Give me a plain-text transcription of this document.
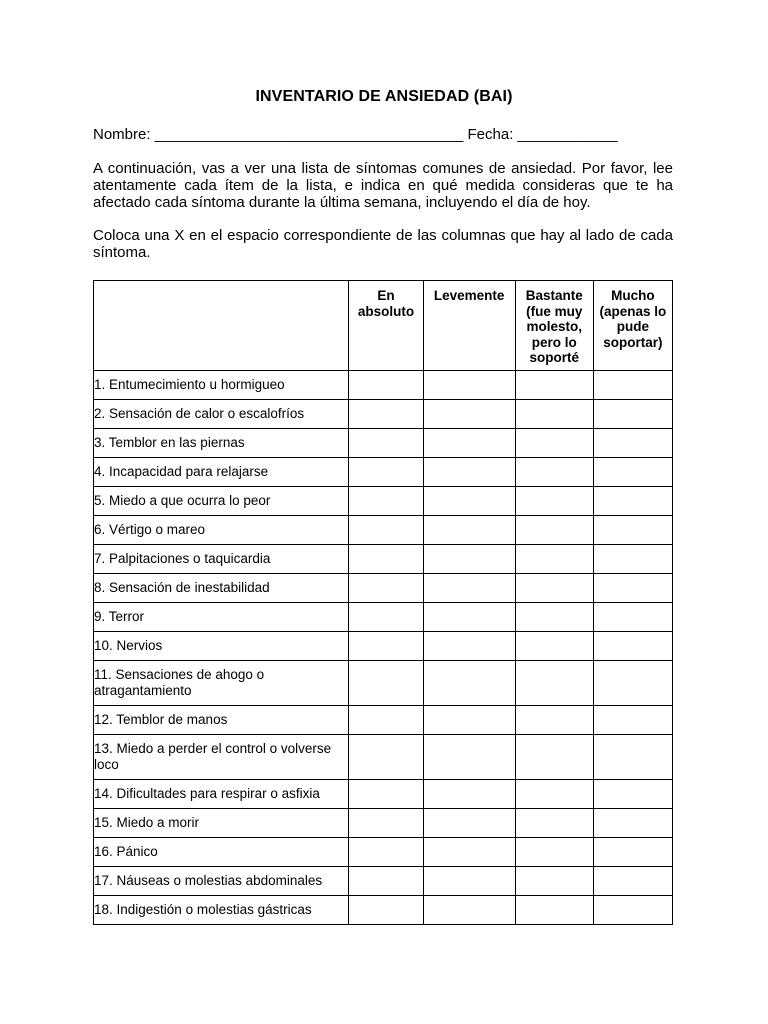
INVENTARIO DE ANSIEDAD (BAI)
Nombre: _____________________________________ Fecha: ____________
A continuación, vas a ver una lista de síntomas comunes de ansiedad. Por favor, lee atentamente cada ítem de la lista, e indica en qué medida consideras que te ha afectado cada síntoma durante la última semana, incluyendo el día de hoy.
Coloca una X en el espacio correspondiente de las columnas que hay al lado de cada síntoma.
	En absoluto	Levemente	Bastante (fue muy molesto, pero lo soporté	Mucho (apenas lo pude soportar)
1. Entumecimiento u hormigueo				
2. Sensación de calor o escalofríos				
3. Temblor en las piernas				
4. Incapacidad para relajarse				
5. Miedo a que ocurra lo peor				
6. Vértigo o mareo				
7. Palpitaciones o taquicardia				
8. Sensación de inestabilidad				
9. Terror				
10. Nervios				
11. Sensaciones de ahogo o atragantamiento				
12. Temblor de manos				
13. Miedo a perder el control o volverse loco				
14. Dificultades para respirar o asfixia				
15. Miedo a morir				
16. Pánico				
17. Náuseas o molestias abdominales				
18. Indigestión o molestias gástricas				
